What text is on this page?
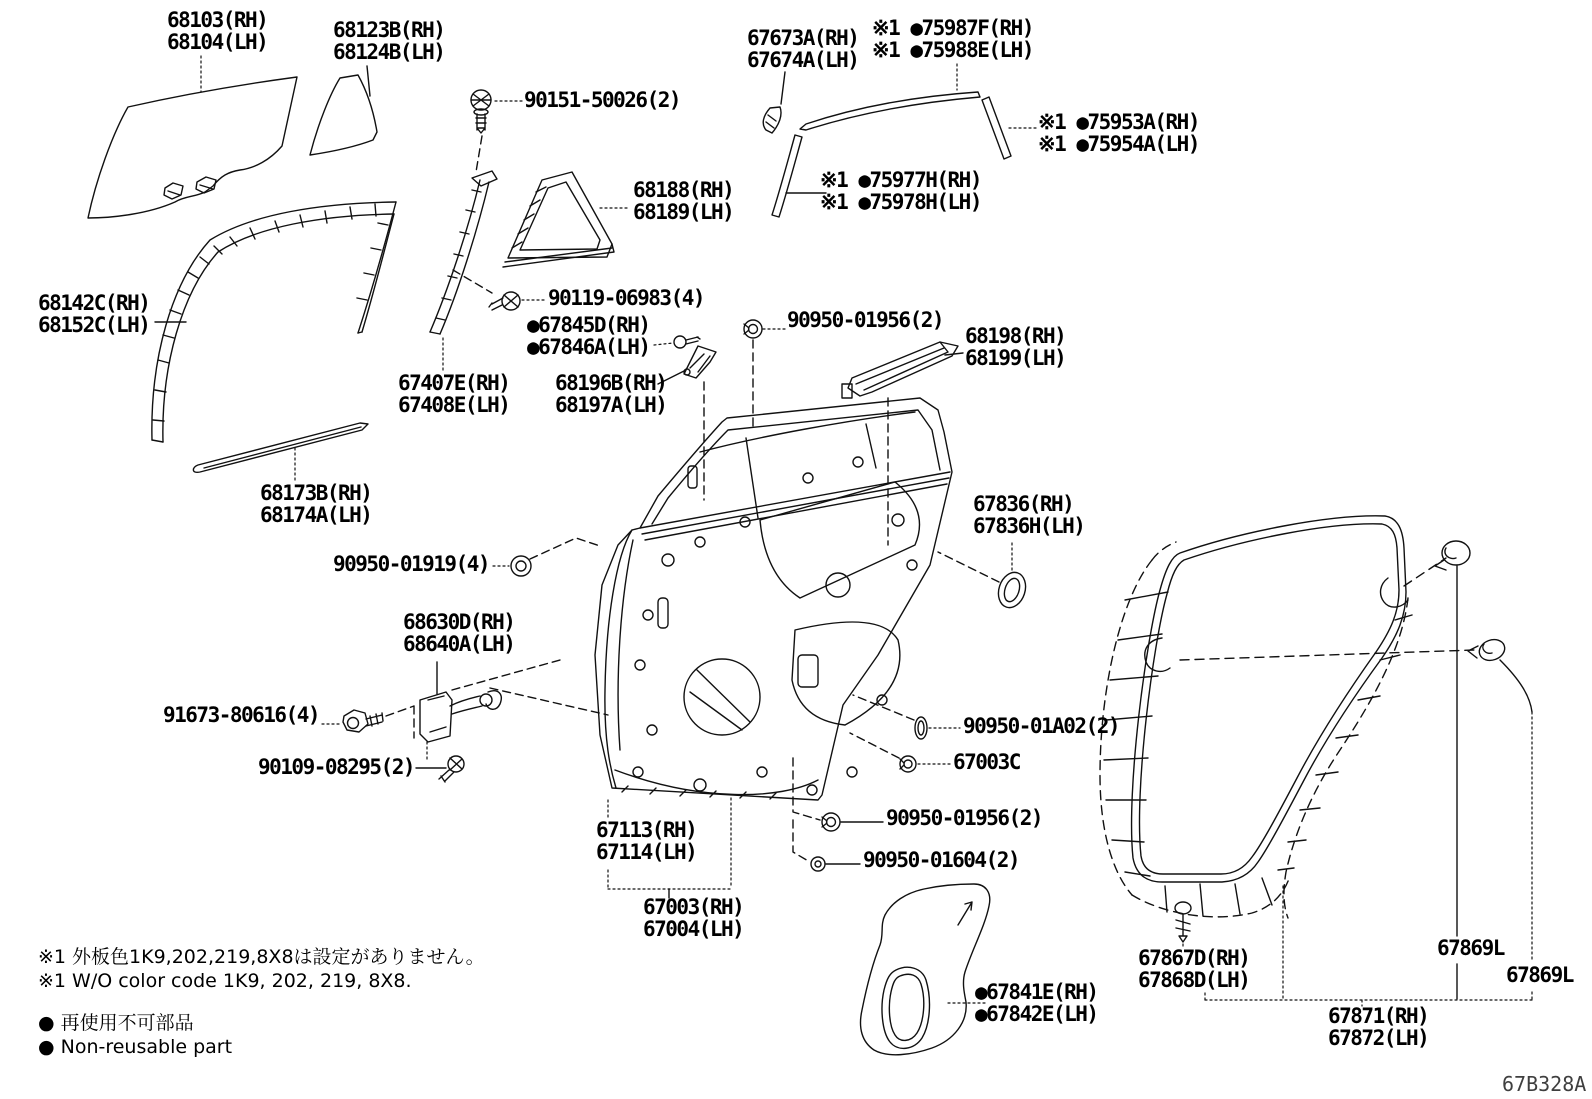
68103(RH)
68104(LH)	68123B(RH)
68124B(LH)
90151-50026(2)
67673A(RH)
67674A(LH)
※1 ●75987F(RH)
※1 ●75988E(LH)
※1 ●75953A(RH)
※1 ●75954A(LH)
※1 ●75977H(RH)
※1 ●75978H(LH)
68188(RH)
68189(LH)
68142C(RH)
68152C(LH)
90119-06983(4)
●67845D(RH)
●67846A(LH)
67407E(RH)
67408E(LH)
68196B(RH)
68197A(LH)
90950-01956(2)
68198(RH)
68199(LH)
68173B(RH)
68174A(LH)
90950-01919(4)
68630D(RH)
68640A(LH)
91673-80616(4)
90109-08295(2)
67113(RH)
67114(LH)
67003(RH)
67004(LH)
90950-01956(2)
90950-01604(2)
67836(RH)
67836H(LH)
90950-01A02(2)
67003C
●67841E(RH)
●67842E(LH)
67867D(RH)
67868D(LH)
67869L
67869L
67871(RH)
67872(LH)
※1 外板色1K9,202,219,8X8は設定がありません。
※1 W/O color code 1K9, 202, 219, 8X8.
● 再使用不可部品
● Non-reusable part
67B328A
